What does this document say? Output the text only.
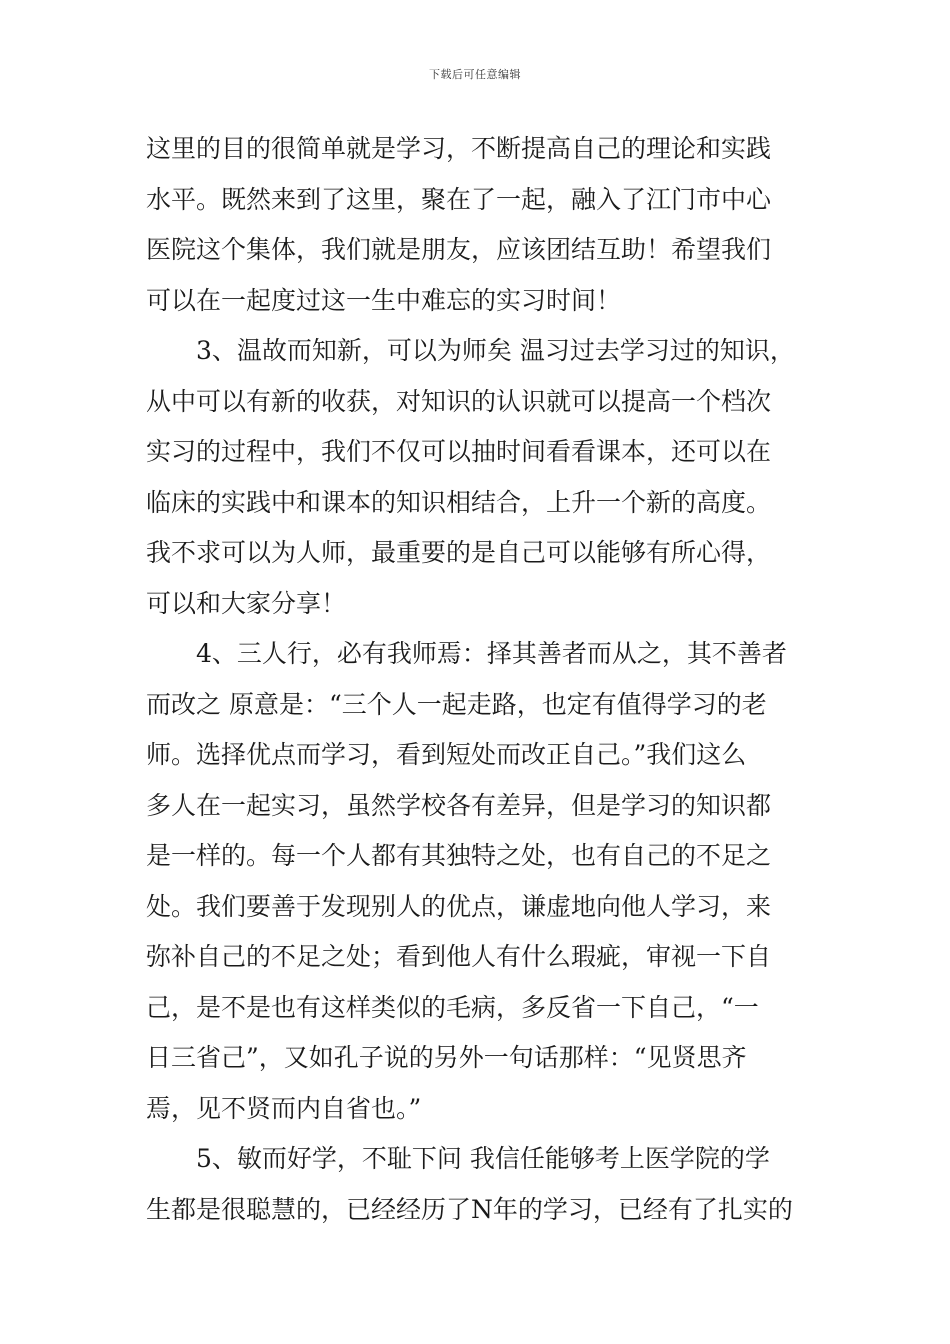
下载后可任意编辑
这里的目的很简单就是学习，不断提高自己的理论和实践
水平。既然来到了这里，聚在了一起，融入了江门市中心
医院这个集体，我们就是朋友，应该团结互助！希望我们
可以在一起度过这一生中难忘的实习时间！
3、温故而知新，可以为师矣 温习过去学习过的知识，
从中可以有新的收获，对知识的认识就可以提高一个档次
实习的过程中，我们不仅可以抽时间看看课本，还可以在
临床的实践中和课本的知识相结合，上升一个新的高度。
我不求可以为人师，最重要的是自己可以能够有所心得，
可以和大家分享！
4、三人行，必有我师焉：择其善者而从之，其不善者
而改之 原意是：“三个人一起走路，也定有值得学习的老
师。选择优点而学习，看到短处而改正自己。”我们这么
多人在一起实习，虽然学校各有差异，但是学习的知识都
是一样的。每一个人都有其独特之处，也有自己的不足之
处。我们要善于发现别人的优点，谦虚地向他人学习，来
弥补自己的不足之处；看到他人有什么瑕疵，审视一下自
己，是不是也有这样类似的毛病，多反省一下自己，“一
日三省己”，又如孔子说的另外一句话那样：“见贤思齐
焉，见不贤而内自省也。”
5、敏而好学，不耻下问 我信任能够考上医学院的学
生都是很聪慧的，已经经历了N年的学习，已经有了扎实的
